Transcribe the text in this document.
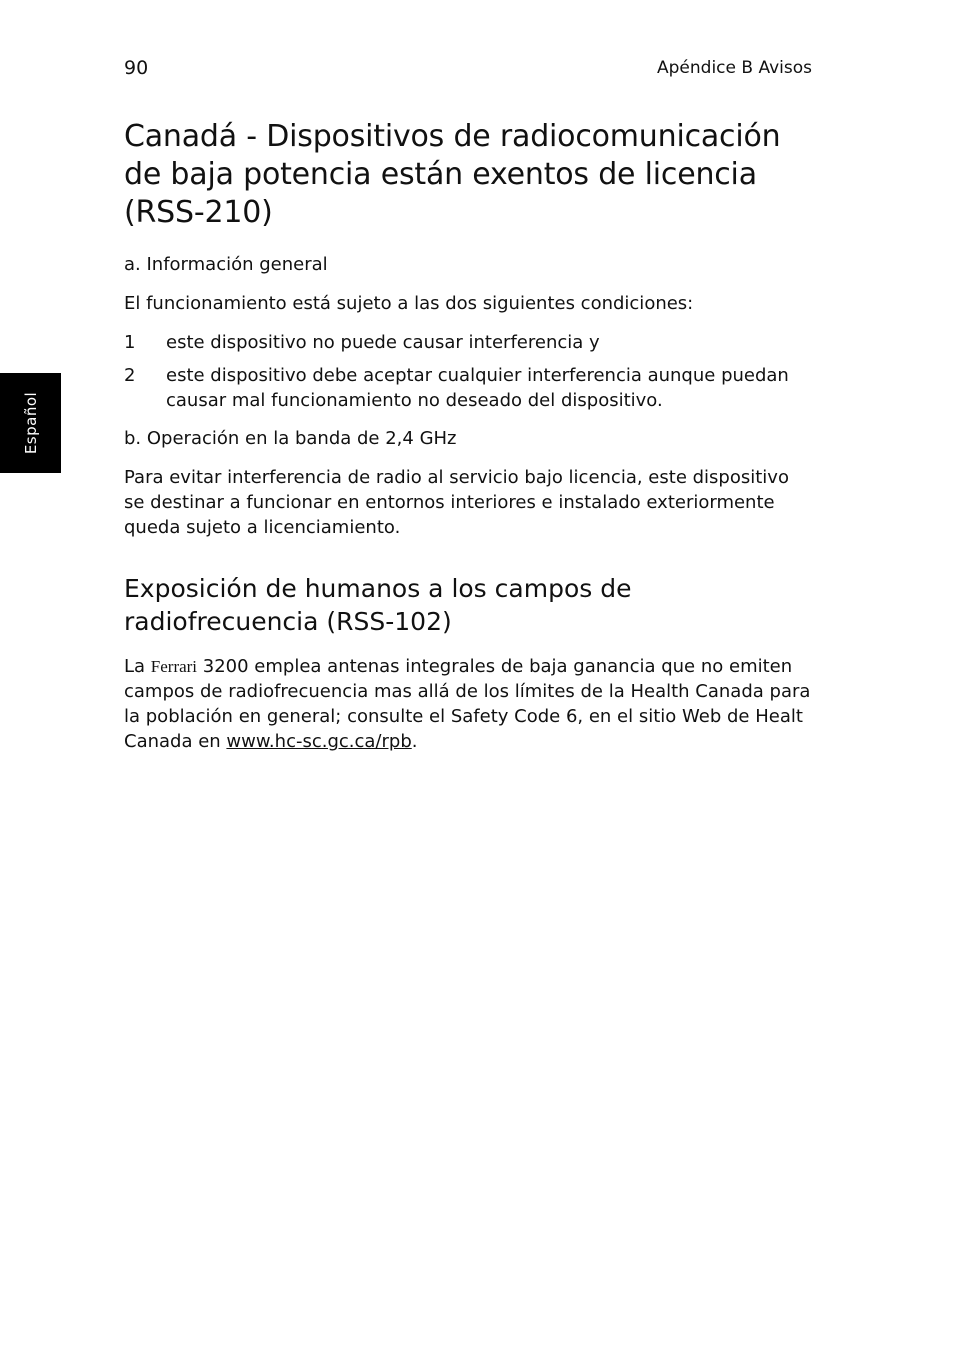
90	Apéndice B Avisos
Español
Canadá - Dispositivos de radiocomunicación de baja potencia están exentos de licencia (RSS-210)

a. Información general

El funcionamiento está sujeto a las dos siguientes condiciones:

1	este dispositivo no puede causar interferencia y
2	este dispositivo debe aceptar cualquier interferencia aunque puedan causar mal funcionamiento no deseado del dispositivo.

b. Operación en la banda de 2,4 GHz

Para evitar interferencia de radio al servicio bajo licencia, este dispositivo se destinar a funcionar en entornos interiores e instalado exteriormente queda sujeto a licenciamiento.

Exposición de humanos a los campos de radiofrecuencia (RSS-102)

La Ferrari 3200 emplea antenas integrales de baja ganancia que no emiten campos de radiofrecuencia mas allá de los límites de la Health Canada para la población en general; consulte el Safety Code 6, en el sitio Web de Healt Canada en www.hc-sc.gc.ca/rpb.
